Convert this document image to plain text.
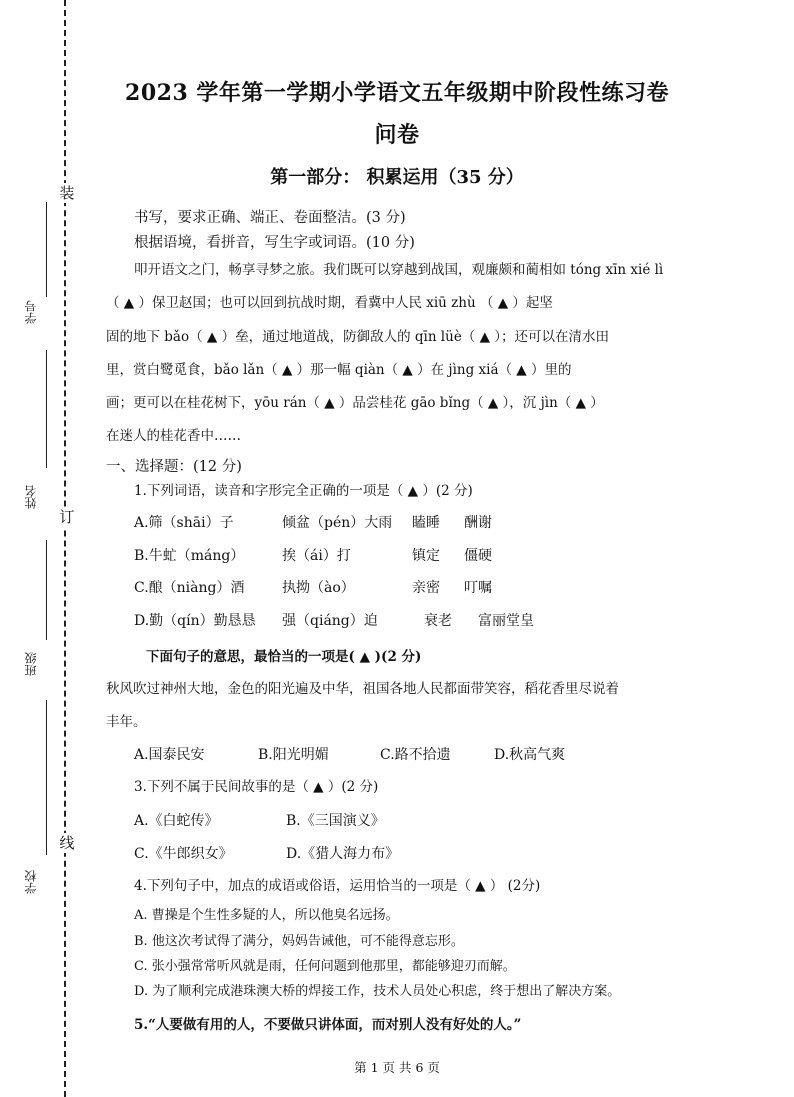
装
订
线
学号
姓名
班级
学校
2023 学年第一学期小学语文五年级期中阶段性练习卷
问卷
第一部分： 积累运用（35 分）
书写，要求正确、端正、卷面整洁。(3 分)
根据语境，看拼音，写生字或词语。(10 分)
叩开语文之门，畅享寻梦之旅。我们既可以穿越到战国，观廉颇和蔺相如 tóng xīn xié lì
（ ▲ ）保卫赵国；也可以回到抗战时期，看冀中人民 xiū zhù （ ▲ ）起坚
固的地下 bǎo（ ▲ ）垒，通过地道战，防御敌人的 qīn lüè（ ▲ ）；还可以在清水田
里，赏白鹭觅食，bǎo lǎn（ ▲ ）那一幅 qiàn（ ▲ ）在 jìng xiá（ ▲ ）里的
画；更可以在桂花树下，yōu rán（ ▲ ）品尝桂花 gāo bǐng（ ▲ ），沉 jìn（ ▲ ）
在迷人的桂花香中……
一、选择题：(12 分)
1.下列词语，读音和字形完全正确的一项是（ ▲ ）(2 分)
A.筛（shāi）子	倾盆（pén）大雨 瞌睡 酬谢
B.牛虻（máng）	挨（ái）打	镇定 僵硬
C.酿（niàng）酒	执拗（ào）	亲密 叮嘱
D.勤（qín）勤恳恳 强（qiáng）迫	衰老 富丽堂皇
下面句子的意思，最恰当的一项是( ▲ )(2 分)
秋风吹过神州大地，金色的阳光遍及中华，祖国各地人民都面带笑容，稻花香里尽说着
丰年。
A.国泰民安	B.阳光明媚	C.路不拾遗	D.秋高气爽
3.下列不属于民间故事的是（ ▲ ）(2 分)
A.《白蛇传》	B.《三国演义》
C.《牛郎织女》	D.《猎人海力布》
4.下列句子中，加点的成语或俗语，运用恰当的一项是（ ▲ ） (2分)
A. 曹操是个生性多疑的人，所以他臭名远扬。
B. 他这次考试得了满分，妈妈告诫他，可不能得意忘形。
C. 张小强常常听风就是雨，任何问题到他那里，都能够迎刃而解。
D. 为了顺利完成港珠澳大桥的焊接工作，技术人员处心积虑，终于想出了解决方案。
5.“人要做有用的人，不要做只讲体面，而对别人没有好处的人。”
第 1 页 共 6 页
